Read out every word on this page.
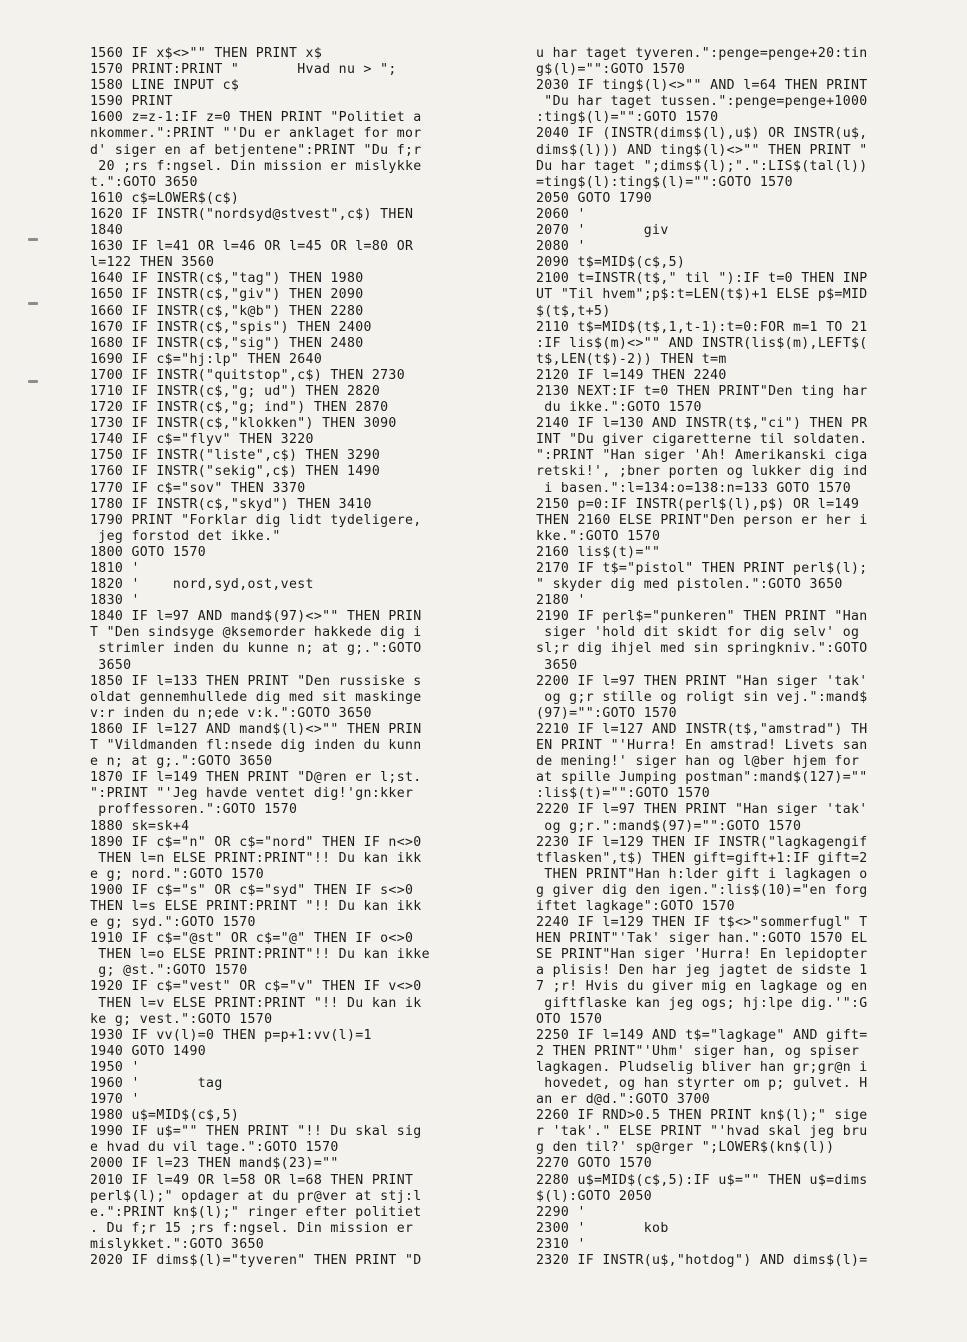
1560 IF x$<>"" THEN PRINT x$
1570 PRINT:PRINT "       Hvad nu > ";
1580 LINE INPUT c$
1590 PRINT
1600 z=z-1:IF z=0 THEN PRINT "Politiet a
nkommer.":PRINT "'Du er anklaget for mor
d' siger en af betjentene":PRINT "Du f;r
20 ;rs f:ngsel. Din mission er mislykke
t.":GOTO 3650
1610 c$=LOWER$(c$)
1620 IF INSTR("nordsyd@stvest",c$) THEN
1840
1630 IF l=41 OR l=46 OR l=45 OR l=80 OR
l=122 THEN 3560
1640 IF INSTR(c$,"tag") THEN 1980
1650 IF INSTR(c$,"giv") THEN 2090
1660 IF INSTR(c$,"k@b") THEN 2280
1670 IF INSTR(c$,"spis") THEN 2400
1680 IF INSTR(c$,"sig") THEN 2480
1690 IF c$="hj:lp" THEN 2640
1700 IF INSTR("quitstop",c$) THEN 2730
1710 IF INSTR(c$,"g; ud") THEN 2820
1720 IF INSTR(c$,"g; ind") THEN 2870
1730 IF INSTR(c$,"klokken") THEN 3090
1740 IF c$="flyv" THEN 3220
1750 IF INSTR("liste",c$) THEN 3290
1760 IF INSTR("sekig",c$) THEN 1490
1770 IF c$="sov" THEN 3370
1780 IF INSTR(c$,"skyd") THEN 3410
1790 PRINT "Forklar dig lidt tydeligere,
jeg forstod det ikke."
1800 GOTO 1570
1810 '
1820 '    nord,syd,ost,vest
1830 '
1840 IF l=97 AND mand$(97)<>"" THEN PRIN
T "Den sindsyge @ksemorder hakkede dig i
strimler inden du kunne n; at g;.":GOTO
3650
1850 IF l=133 THEN PRINT "Den russiske s
oldat gennemhullede dig med sit maskinge
v:r inden du n;ede v:k.":GOTO 3650
1860 IF l=127 AND mand$(l)<>"" THEN PRIN
T "Vildmanden fl:nsede dig inden du kunn
e n; at g;.":GOTO 3650
1870 IF l=149 THEN PRINT "D@ren er l;st.
":PRINT "'Jeg havde ventet dig!'gn:kker
proffessoren.":GOTO 1570
1880 sk=sk+4
1890 IF c$="n" OR c$="nord" THEN IF n<>0
THEN l=n ELSE PRINT:PRINT"!! Du kan ikk
e g; nord.":GOTO 1570
1900 IF c$="s" OR c$="syd" THEN IF s<>0
THEN l=s ELSE PRINT:PRINT "!! Du kan ikk
e g; syd.":GOTO 1570
1910 IF c$="@st" OR c$="@" THEN IF o<>0
THEN l=o ELSE PRINT:PRINT"!! Du kan ikke
g; @st.":GOTO 1570
1920 IF c$="vest" OR c$="v" THEN IF v<>0
THEN l=v ELSE PRINT:PRINT "!! Du kan ik
ke g; vest.":GOTO 1570
1930 IF vv(l)=0 THEN p=p+1:vv(l)=1
1940 GOTO 1490
1950 '
1960 '       tag
1970 '
1980 u$=MID$(c$,5)
1990 IF u$="" THEN PRINT "!! Du skal sig
e hvad du vil tage.":GOTO 1570
2000 IF l=23 THEN mand$(23)=""
2010 IF l=49 OR l=58 OR l=68 THEN PRINT
perl$(l);" opdager at du pr@ver at stj:l
e.":PRINT kn$(l);" ringer efter politiet
. Du f;r 15 ;rs f:ngsel. Din mission er
mislykket.":GOTO 3650
2020 IF dims$(l)="tyveren" THEN PRINT "D
u har taget tyveren.":penge=penge+20:tin
g$(l)="":GOTO 1570
2030 IF ting$(l)<>"" AND l=64 THEN PRINT
"Du har taget tussen.":penge=penge+1000
:ting$(l)="":GOTO 1570
2040 IF (INSTR(dims$(l),u$) OR INSTR(u$,
dims$(l))) AND ting$(l)<>"" THEN PRINT "
Du har taget ";dims$(l);".":LIS$(tal(l))
=ting$(l):ting$(l)="":GOTO 1570
2050 GOTO 1790
2060 '
2070 '       giv
2080 '
2090 t$=MID$(c$,5)
2100 t=INSTR(t$," til "):IF t=0 THEN INP
UT "Til hvem";p$:t=LEN(t$)+1 ELSE p$=MID
$(t$,t+5)
2110 t$=MID$(t$,1,t-1):t=0:FOR m=1 TO 21
:IF lis$(m)<>"" AND INSTR(lis$(m),LEFT$(
t$,LEN(t$)-2)) THEN t=m
2120 IF l=149 THEN 2240
2130 NEXT:IF t=0 THEN PRINT"Den ting har
du ikke.":GOTO 1570
2140 IF l=130 AND INSTR(t$,"ci") THEN PR
INT "Du giver cigaretterne til soldaten.
":PRINT "Han siger 'Ah! Amerikanski ciga
retski!', ;bner porten og lukker dig ind
i basen.":l=134:o=138:n=133 GOTO 1570
2150 p=0:IF INSTR(perl$(l),p$) OR l=149
THEN 2160 ELSE PRINT"Den person er her i
kke.":GOTO 1570
2160 lis$(t)=""
2170 IF t$="pistol" THEN PRINT perl$(l);
" skyder dig med pistolen.":GOTO 3650
2180 '
2190 IF perl$="punkeren" THEN PRINT "Han
siger 'hold dit skidt for dig selv' og
sl;r dig ihjel med sin springkniv.":GOTO
3650
2200 IF l=97 THEN PRINT "Han siger 'tak'
og g;r stille og roligt sin vej.":mand$
(97)="":GOTO 1570
2210 IF l=127 AND INSTR(t$,"amstrad") TH
EN PRINT "'Hurra! En amstrad! Livets san
de mening!' siger han og l@ber hjem for
at spille Jumping postman":mand$(127)=""
:lis$(t)="":GOTO 1570
2220 IF l=97 THEN PRINT "Han siger 'tak'
og g;r.":mand$(97)="":GOTO 1570
2230 IF l=129 THEN IF INSTR("lagkagengif
tflasken",t$) THEN gift=gift+1:IF gift=2
THEN PRINT"Han h:lder gift i lagkagen o
g giver dig den igen.":lis$(10)="en forg
iftet lagkage":GOTO 1570
2240 IF l=129 THEN IF t$<>"sommerfugl" T
HEN PRINT"'Tak' siger han.":GOTO 1570 EL
SE PRINT"Han siger 'Hurra! En lepidopter
a plisis! Den har jeg jagtet de sidste 1
7 ;r! Hvis du giver mig en lagkage og en
giftflaske kan jeg ogs; hj:lpe dig.'":G
OTO 1570
2250 IF l=149 AND t$="lagkage" AND gift=
2 THEN PRINT"'Uhm' siger han, og spiser
lagkagen. Pludselig bliver han gr;gr@n i
hovedet, og han styrter om p; gulvet. H
an er d@d.":GOTO 3700
2260 IF RND>0.5 THEN PRINT kn$(l);" sige
r 'tak'." ELSE PRINT "'hvad skal jeg bru
g den til?' sp@rger ";LOWER$(kn$(l))
2270 GOTO 1570
2280 u$=MID$(c$,5):IF u$="" THEN u$=dims
$(l):GOTO 2050
2290 '
2300 '       kob
2310 '
2320 IF INSTR(u$,"hotdog") AND dims$(l)=
